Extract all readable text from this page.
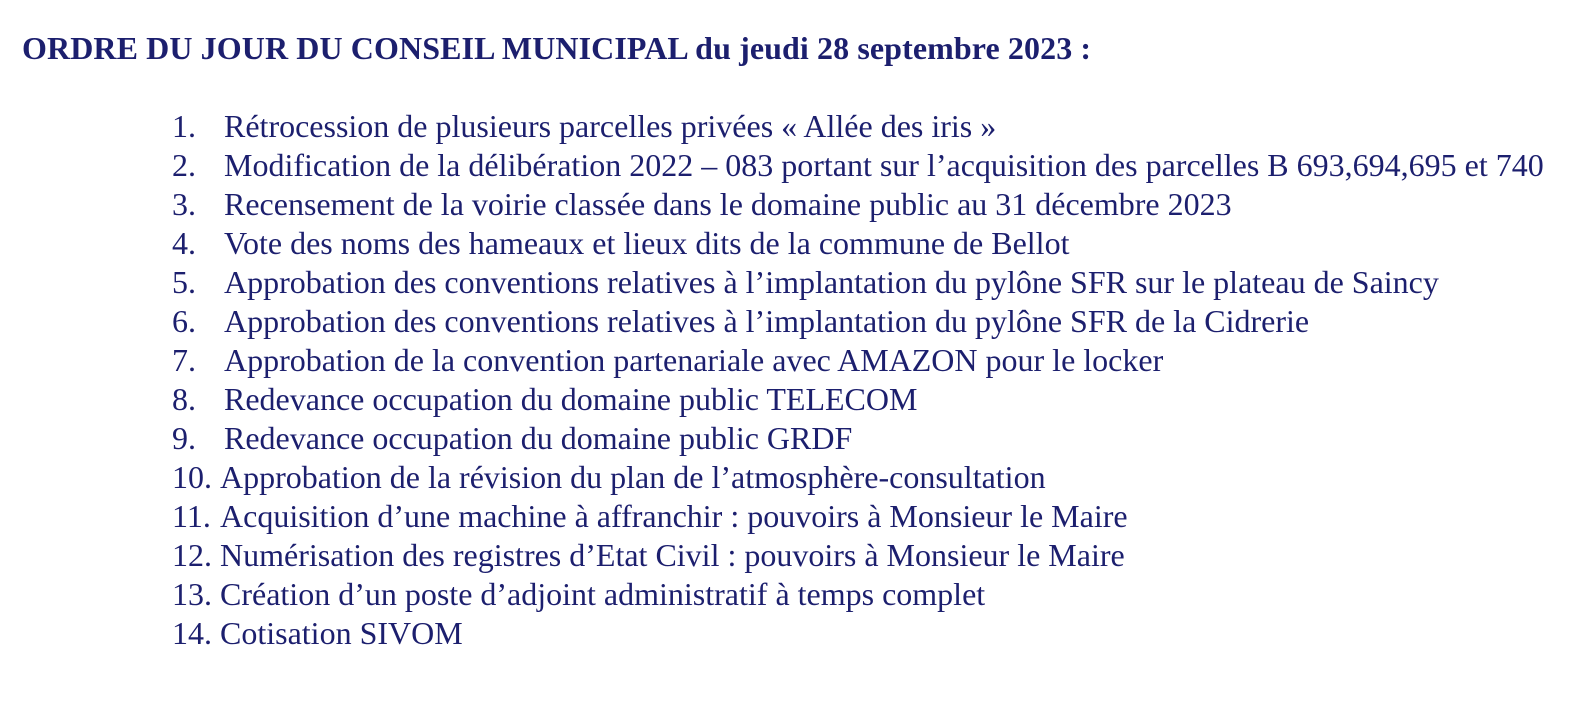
ORDRE DU JOUR DU CONSEIL MUNICIPAL du jeudi 28 septembre 2023 :
1. Rétrocession de plusieurs parcelles privées « Allée des iris »
2. Modification de la délibération 2022 – 083 portant sur l’acquisition des parcelles B 693,694,695 et 740
3. Recensement de la voirie classée dans le domaine public au 31 décembre 2023
4. Vote des noms des hameaux et lieux dits de la commune de Bellot
5. Approbation des conventions relatives à l’implantation du pylône SFR sur le plateau de Saincy
6. Approbation des conventions relatives à l’implantation du pylône SFR de la Cidrerie
7. Approbation de la convention partenariale avec AMAZON pour le locker
8. Redevance occupation du domaine public TELECOM
9. Redevance occupation du domaine public GRDF
10. Approbation de la révision du plan de l’atmosphère-consultation
11. Acquisition d’une machine à affranchir : pouvoirs à Monsieur le Maire
12. Numérisation des registres d’Etat Civil : pouvoirs à Monsieur le Maire
13. Création d’un poste d’adjoint administratif à temps complet
14. Cotisation SIVOM
